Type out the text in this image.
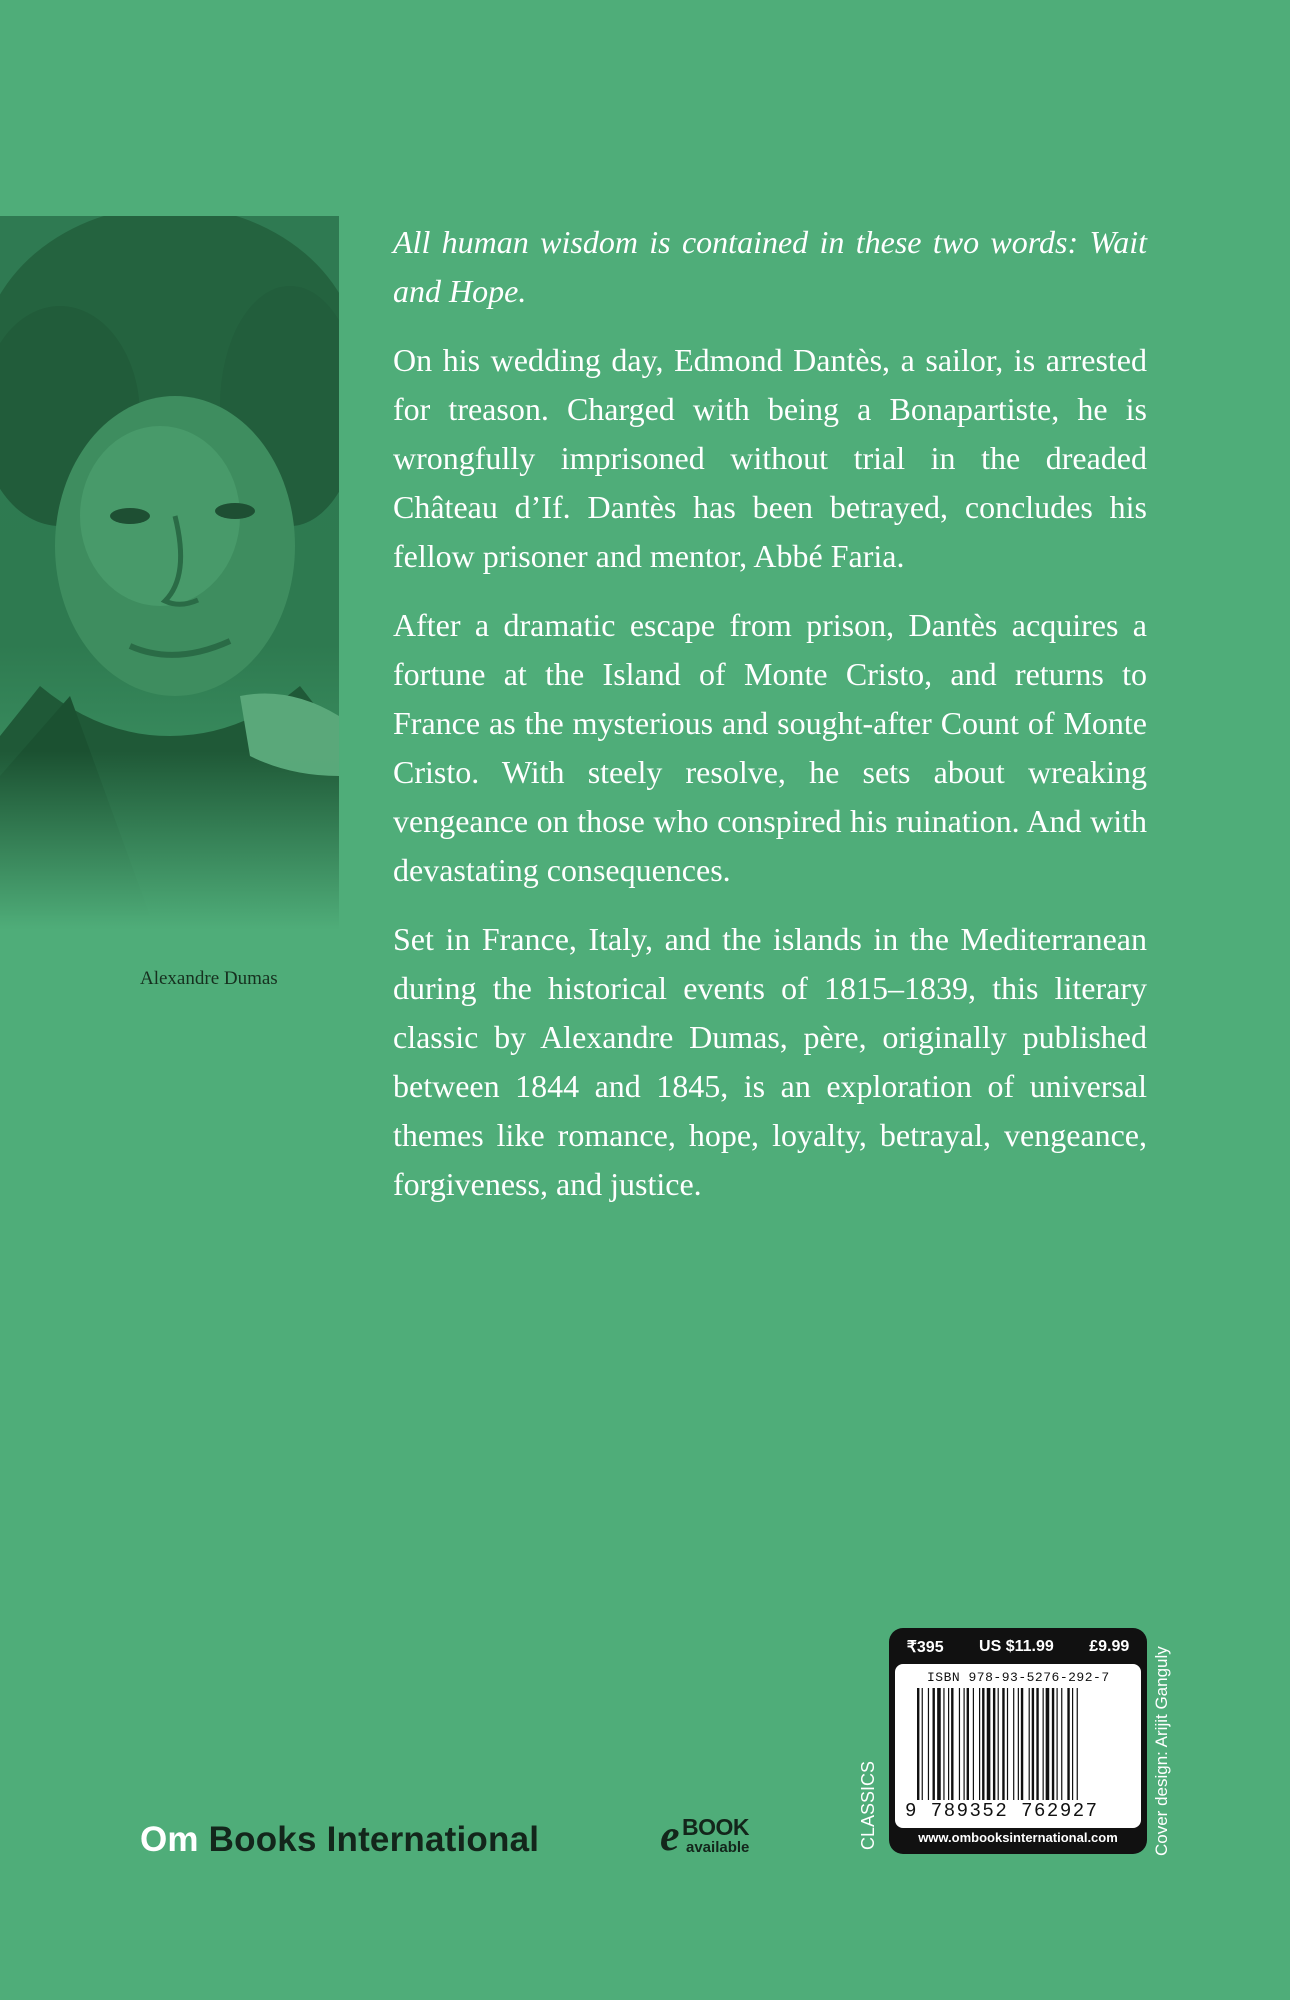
Alexandre Dumas

All human wisdom is contained in these two words: Wait and Hope.

On his wedding day, Edmond Dantès, a sailor, is arrested for treason. Charged with being a Bonapartiste, he is wrongfully imprisoned without trial in the dreaded Château d’If. Dantès has been betrayed, concludes his fellow prisoner and mentor, Abbé Faria.

After a dramatic escape from prison, Dantès acquires a fortune at the Island of Monte Cristo, and returns to France as the mysterious and sought-after Count of Monte Cristo. With steely resolve, he sets about wreaking vengeance on those who conspired his ruination. And with devastating consequences.

Set in France, Italy, and the islands in the Mediterranean during the historical events of 1815–1839, this literary classic by Alexandre Dumas, père, originally published between 1844 and 1845, is an exploration of universal themes like romance, hope, loyalty, betrayal, vengeance, forgiveness, and justice.

Om Books International	e BOOK
available	CLASSICS
₹395 US $11.99 £9.99
ISBN 978-93-5276-292-7
9 789352 762927
www.ombooksinternational.com	Cover design: Arijit Ganguly
